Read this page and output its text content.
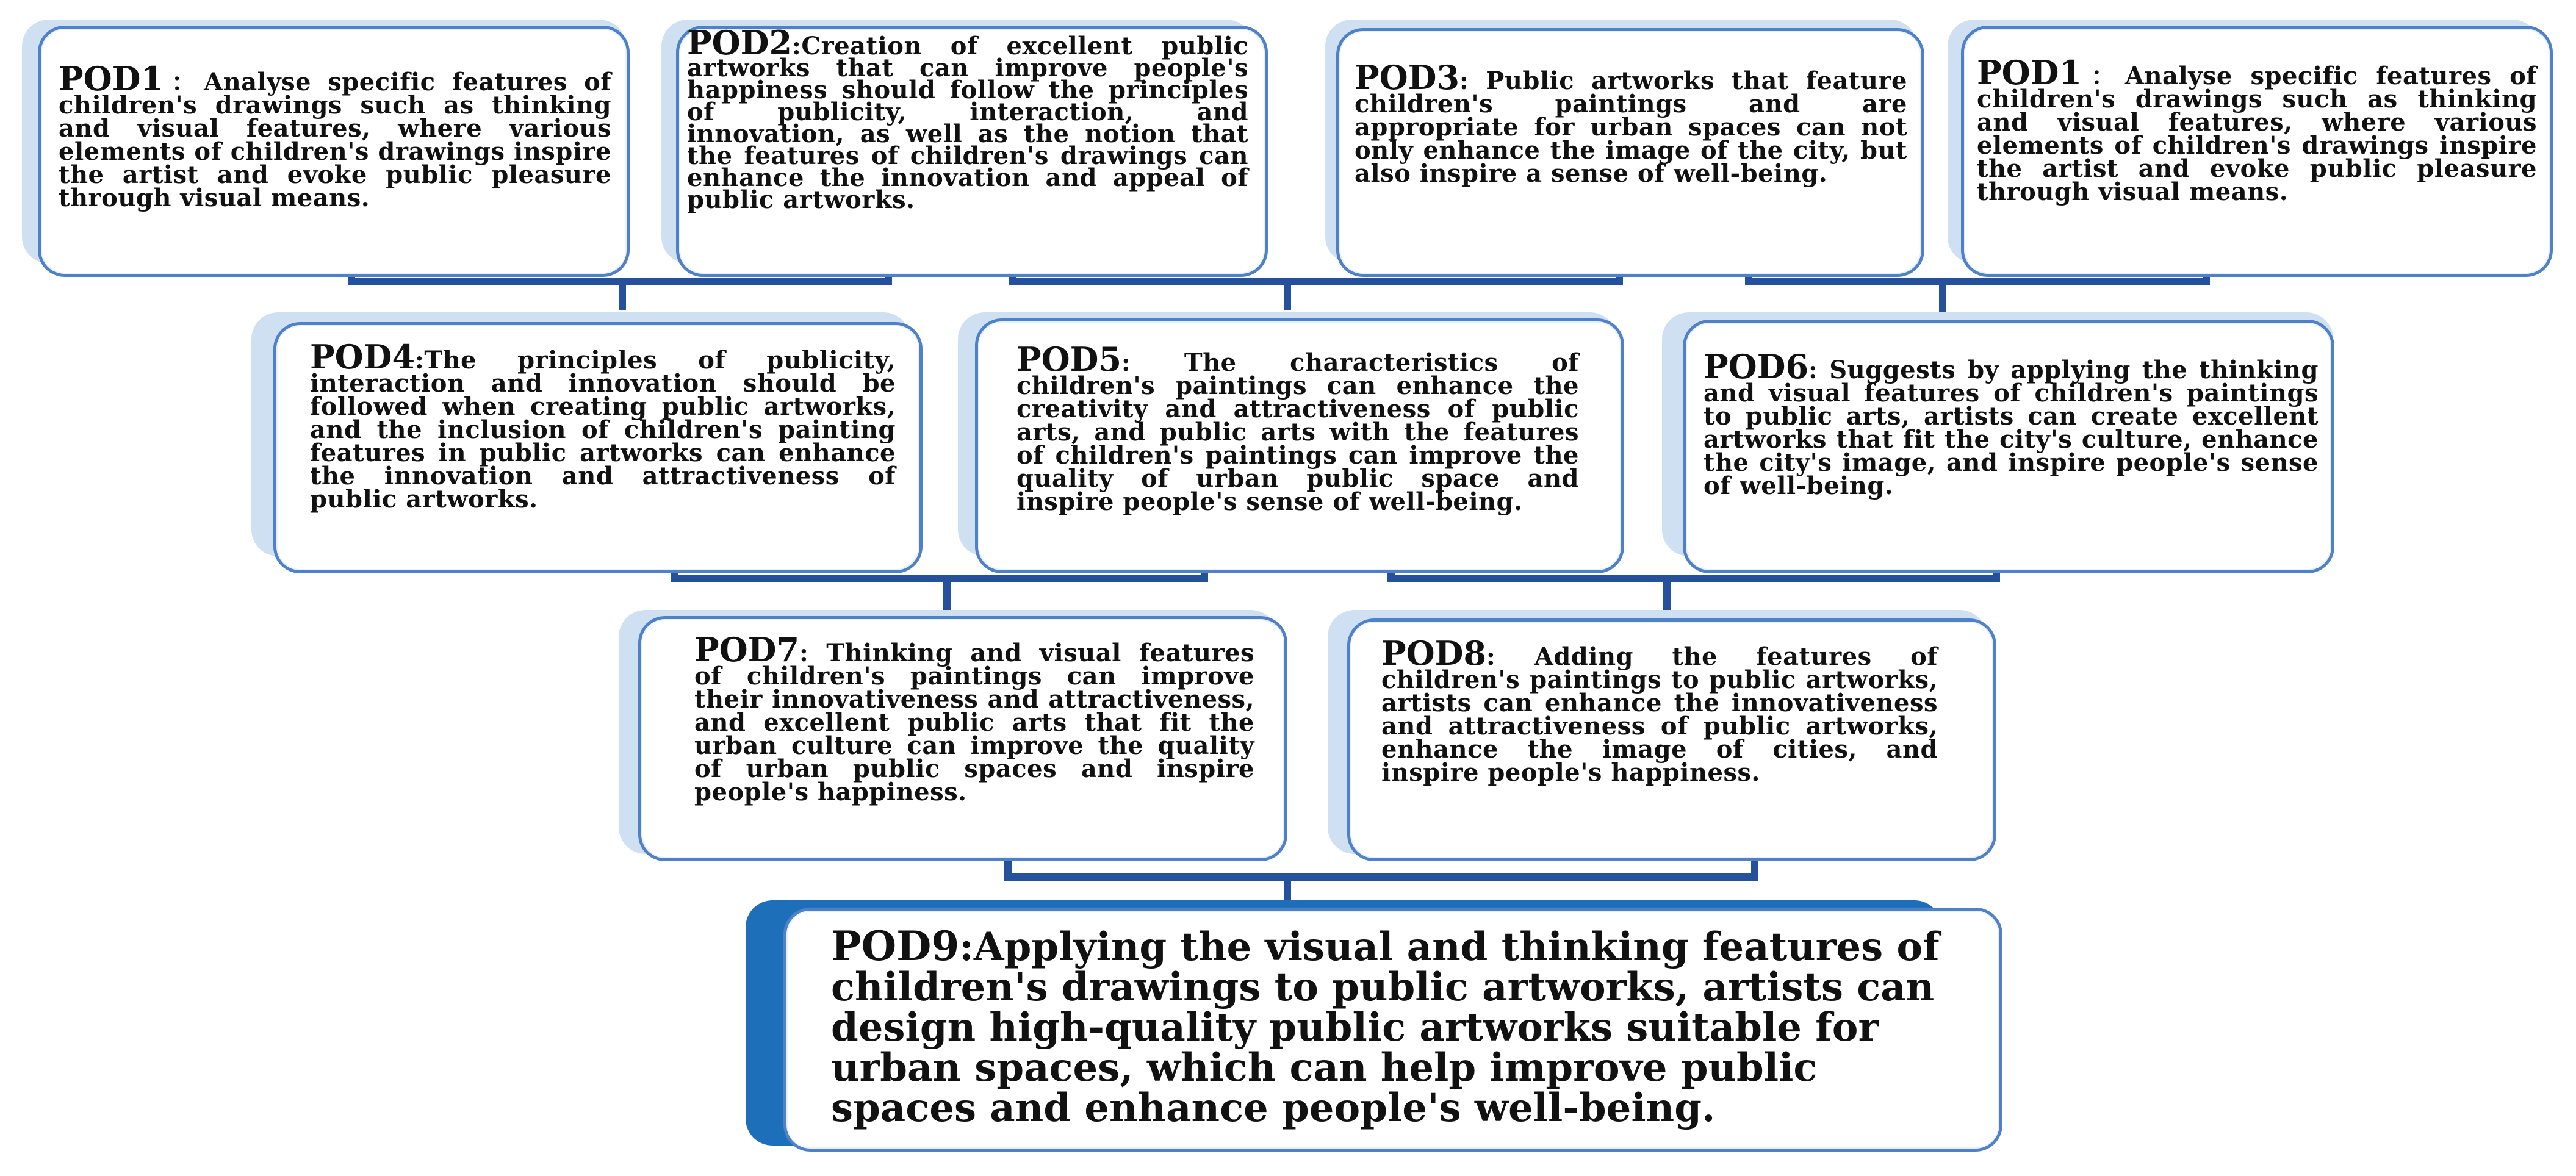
POD1：Analyse specific features of children's drawings such as thinking and visual features, where various elements of children's drawings inspire the artist and evoke public pleasure through visual means.

POD2:Creation of excellent public artworks that can improve people's happiness should follow the principles of publicity, interaction, and innovation, as well as the notion that the features of children's drawings can enhance the innovation and appeal of public artworks.

POD3: Public artworks that feature children's paintings and are appropriate for urban spaces can not only enhance the image of the city, but also inspire a sense of well-being.

POD1：Analyse specific features of children's drawings such as thinking and visual features, where various elements of children's drawings inspire the artist and evoke public pleasure through visual means.

POD4:The principles of publicity, interaction and innovation should be followed when creating public artworks, and the inclusion of children's painting features in public artworks can enhance the innovation and attractiveness of public artworks.

POD5: The characteristics of children's paintings can enhance the creativity and attractiveness of public arts, and public arts with the features of children's paintings can improve the quality of urban public space and inspire people's sense of well-being.

POD6: Suggests by applying the thinking and visual features of children's paintings to public arts, artists can create excellent artworks that fit the city's culture, enhance the city's image, and inspire people's sense of well-being.

POD7: Thinking and visual features of children's paintings can improve their innovativeness and attractiveness, and excellent public arts that fit the urban culture can improve the quality of urban public spaces and inspire people's happiness.

POD8: Adding the features of children's paintings to public artworks, artists can enhance the innovativeness and attractiveness of public artworks, enhance the image of cities, and inspire people's happiness.

POD9:Applying the visual and thinking features of children's drawings to public artworks, artists can design high-quality public artworks suitable for urban spaces, which can help improve public spaces and enhance people's well-being.
